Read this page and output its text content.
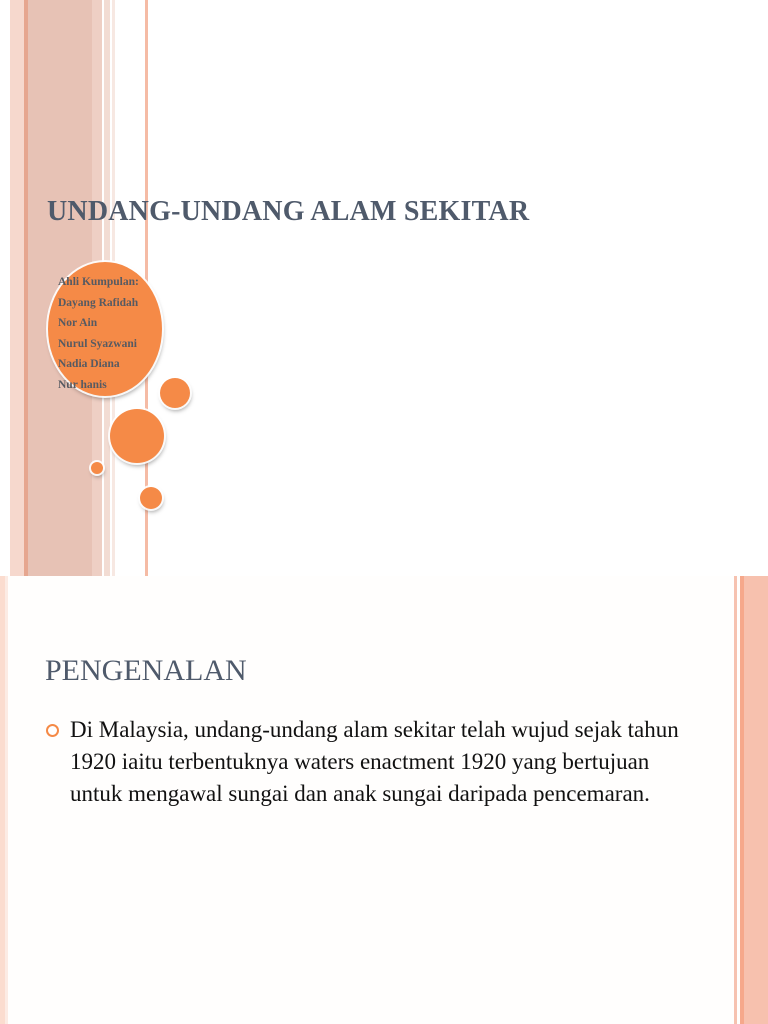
UNDANG-UNDANG ALAM SEKITAR
Ahli Kumpulan:
Dayang Rafidah
Nor Ain
Nurul Syazwani
Nadia Diana
Nur hanis
PENGENALAN

Di Malaysia, undang-undang alam sekitar telah wujud sejak tahun 1920 iaitu terbentuknya waters enactment 1920 yang bertujuan untuk mengawal sungai dan anak sungai daripada pencemaran.
